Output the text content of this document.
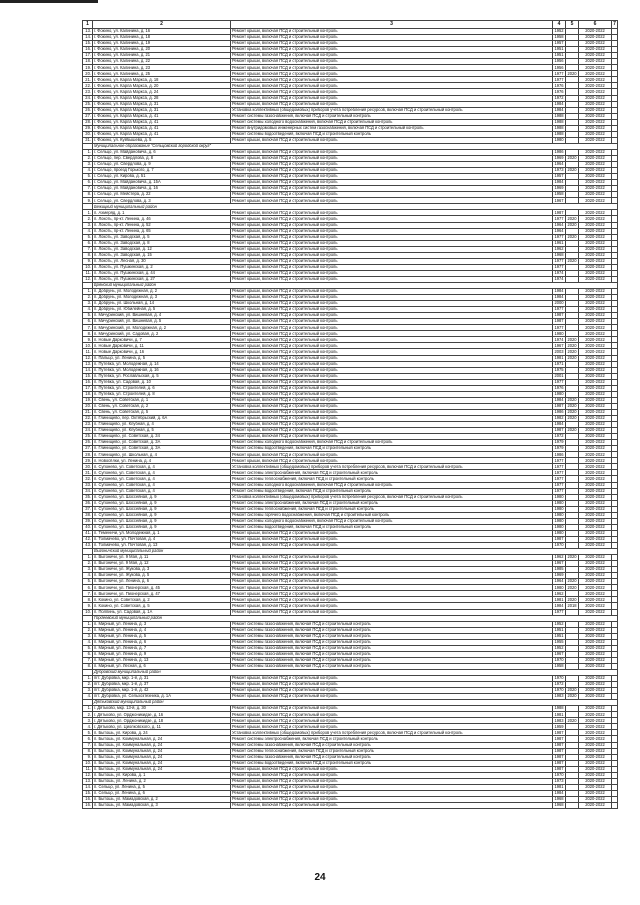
1	2	3	4	5	6	7
13.	г. Фокино, ул. Калинина, д. 16	Ремонт крыши, включая ПСД и строительный контроль	1952		2020-2022	
14.	г. Фокино, ул. Калинина, д. 18	Ремонт крыши, включая ПСД и строительный контроль	1958		2020-2022	
15.	г. Фокино, ул. Калинина, д. 19	Ремонт крыши, включая ПСД и строительный контроль	1957		2020-2022	
16.	г. Фокино, ул. Калинина, д. 20	Ремонт крыши, включая ПСД и строительный контроль	1951		2020-2022	
17.	г. Фокино, ул. Калинина, д. 21	Ремонт крыши, включая ПСД и строительный контроль	1951		2020-2022	
18.	г. Фокино, ул. Калинина, д. 22	Ремонт крыши, включая ПСД и строительный контроль	1956		2020-2022	
19.	г. Фокино, ул. Калинина, д. 23	Ремонт крыши, включая ПСД и строительный контроль	1956		2020-2022	
20.	г. Фокино, ул. Калинина, д. 25	Ремонт крыши, включая ПСД и строительный контроль	1977	2020	2020-2022	
21.	г. Фокино, ул. Карла Маркса, д. 18	Ремонт крыши, включая ПСД и строительный контроль	1977		2020-2022	
22.	г. Фокино, ул. Карла Маркса, д. 20	Ремонт крыши, включая ПСД и строительный контроль	1976		2020-2022	
23.	г. Фокино, ул. Карла Маркса, д. 24	Ремонт крыши, включая ПСД и строительный контроль	1976		2020-2022	
24.	г. Фокино, ул. Карла Маркса, д. 28	Ремонт крыши, включая ПСД и строительный контроль	1972		2020-2022	
25.	г. Фокино, ул. Карла Маркса, д. 31	Ремонт крыши, включая ПСД и строительный контроль	1984		2020-2022	
26.	г. Фокино, ул. Карла Маркса, д. 31	Установка коллективных (общедомовых) приборов учета потребления ресурсов, включая ПСД и строительный контроль	1984		2020-2022	
27.	г. Фокино, ул. Карла Маркса, д. 41	Ремонт системы газоснабжения, включая ПСД и строительный контроль	1988		2020-2022	
28.	г. Фокино, ул. Карла Маркса, д. 41	Ремонт системы холодного водоснабжения, включая ПСД и строительный контроль	1988		2020-2022	
29.	г. Фокино, ул. Карла Маркса, д. 41	Ремонт внутридомовых инженерных систем газоснабжения, включая ПСД и строительный контроль	1988		2020-2022	
30.	г. Фокино, ул. Карла Маркса, д. 41	Ремонт системы водоотведения, включая ПСД и строительный контроль	1988		2020-2022	
31.	г. Фокино, ул. Куйбышева, д. 5	Ремонт крыши, включая ПСД и строительный контроль	1980		2020-2022	
	Муниципальное образование "Сельцовский городской округ"					
1.	г. Сельцо, ул. Майдановича, д. 6	Ремонт крыши, включая ПСД и строительный контроль	1986		2020-2022	
2.	г. Сельцо, пер. Свердлова, д. 8	Ремонт крыши, включая ПСД и строительный контроль	1969	2020	2020-2022	
3.	г. Сельцо, ул. Свердлова, д. 9	Ремонт крыши, включая ПСД и строительный контроль	1964		2020-2022	
4.	г. Сельцо, проезд Горького, д. 7	Ремонт крыши, включая ПСД и строительный контроль	1973	2020	2020-2022	
5.	г. Сельцо, ул. Кирова, д. 51	Ремонт крыши, включая ПСД и строительный контроль	1957		2020-2022	
6.	г. Сельцо, ул. Майдановича, д. 15А	Ремонт крыши, включая ПСД и строительный контроль	1984		2020-2022	
7.	г. Сельцо, ул. Майдановича, д. 16	Ремонт крыши, включая ПСД и строительный контроль	1969		2020-2022	
8.	г. Сельцо, ул. Мейстера, д. 22	Ремонт крыши, включая ПСД и строительный контроль	1958		2020-2022	
9.	г. Сельцо, ул. Свердлова, д. 3	Ремонт крыши, включая ПСД и строительный контроль	1967		2020-2022	
	Бежицкий муниципальный район					
1.	п. Ахмеряд, д. 1	Ремонт крыши, включая ПСД и строительный контроль	1987		2020-2022	
2.	п. Локоть, пр-кт. Ленина, д. 46	Ремонт крыши, включая ПСД и строительный контроль	1977	2020	2020-2022	
3.	п. Локоть, пр-кт. Ленина, д. 52	Ремонт крыши, включая ПСД и строительный контроль	1964	2020	2020-2022	
4.	п. Локоть, пр-кт. Ленина, д. 65	Ремонт крыши, включая ПСД и строительный контроль	1964		2020-2022	
5.	п. Локоть, ул. Заводская, д. 5	Ремонт крыши, включая ПСД и строительный контроль	1977	2020	2020-2022	
6.	п. Локоть, ул. Заводская, д. 8	Ремонт крыши, включая ПСД и строительный контроль	1961		2020-2022	
7.	п. Локоть, ул. Заводская, д. 12	Ремонт крыши, включая ПСД и строительный контроль	1962		2020-2022	
8.	п. Локоть, ул. Заводская, д. 15	Ремонт крыши, включая ПСД и строительный контроль	1968		2020-2022	
9.	п. Локоть, ул. Лесная, д. 30	Ремонт крыши, включая ПСД и строительный контроль	1977	2020	2020-2022	
10.	п. Локоть, ул. Пушкинская, д. 2	Ремонт крыши, включая ПСД и строительный контроль	1977		2020-2022	
11.	п. Локоть, ул. Пушкинская, д. 44	Ремонт крыши, включая ПСД и строительный контроль	1974		2020-2022	
12.	п. Локоть, ул. Пушкинская, д. 27	Ремонт крыши, включая ПСД и строительный контроль	1974		2020-2022	
	Брянский муниципальный район					
1.	п. Добрунь, ул. Молодежная, д. 2	Ремонт крыши, включая ПСД и строительный контроль	1984		2020-2022	
2.	п. Добрунь, ул. Молодежная, д. 3	Ремонт крыши, включая ПСД и строительный контроль	1984		2020-2022	
3.	п. Добрунь, ул. Школьная, д. 14	Ремонт крыши, включая ПСД и строительный контроль	2000		2020-2022	
4.	п. Добрунь, ул. Юбилейная, д. 5	Ремонт крыши, включая ПСД и строительный контроль	1977		2020-2022	
5.	п. Мичуринский, ул. Вишневая, д. 4	Ремонт крыши, включая ПСД и строительный контроль	1987		2020-2022	
6.	п. Мичуринский, ул. Вишневая, д. 5	Ремонт крыши, включая ПСД и строительный контроль	1987		2020-2022	
7.	п. Мичуринский, ул. Молодежная, д. 2	Ремонт крыши, включая ПСД и строительный контроль	1977		2020-2022	
8.	п. Мичуринский, ул. Садовая, д. 2	Ремонт крыши, включая ПСД и строительный контроль	1980		2020-2022	
9.	п. Новые Дарковичи, д. 7	Ремонт крыши, включая ПСД и строительный контроль	1974	2020	2020-2022	
10.	п. Новые Дарковичи, д. 11	Ремонт крыши, включая ПСД и строительный контроль	1967	2020	2020-2022	
11.	п. Новые Дарковичи, д. 16	Ремонт крыши, включая ПСД и строительный контроль	2003	2020	2020-2022	
12.	п. Пальцо, ул. Ленина, д. 5	Ремонт крыши, включая ПСД и строительный контроль	1981	2020	2020-2022	
13.	п. Путевка, ул. Молодежная, д. 14	Ремонт крыши, включая ПСД и строительный контроль	1971		2020-2022	
14.	п. Путевка, ул. Молодежная, д. 16	Ремонт крыши, включая ПСД и строительный контроль	1975		2020-2022	
15.	п. Путевка, ул. Рославльская, д. 5	Ремонт крыши, включая ПСД и строительный контроль	2001		2020-2022	
16.	п. Путевка, ул. Садовая, д. 10	Ремонт крыши, включая ПСД и строительный контроль	1977		2020-2022	
17.	п. Путевка, ул. Строителей, д. 6	Ремонт крыши, включая ПСД и строительный контроль	1976		2020-2022	
18.	п. Путевка, ул. Строителей, д. 8	Ремонт крыши, включая ПСД и строительный контроль	1980		2020-2022	
19.	п. Свень, ул. Советская, д. 1	Ремонт крыши, включая ПСД и строительный контроль	1984	2020	2020-2022	
20.	п. Свень, ул. Советская, д. 2	Ремонт крыши, включая ПСД и строительный контроль	1987	2020	2020-2022	
21.	п. Свень, ул. Советская, д. 5	Ремонт крыши, включая ПСД и строительный контроль	1986	2020	2020-2022	
22.	п. Глинищево, пер. Октябрьский, д. 6А	Ремонт крыши, включая ПСД и строительный контроль	1982	2020	2020-2022	
23.	п. Глинищево, ул. Клубная, д. 4	Ремонт крыши, включая ПСД и строительный контроль	1984		2020-2022	
24.	п. Глинищево, ул. Клубная, д. 5	Ремонт крыши, включая ПСД и строительный контроль	1987	2020	2020-2022	
25.	п. Глинищево, ул. Советская, д. 34	Ремонт крыши, включая ПСД и строительный контроль	1972		2020-2022	
26.	п. Глинищево, ул. Советская, д. 3А	Ремонт системы холодного водоснабжения, включая ПСД и строительный контроль	1979		2020-2022	
27.	п. Глинищево, ул. Советская, д. 3А	Ремонт системы водоотведения, включая ПСД и строительный контроль	1979		2020-2022	
28.	п. Глинищево, ул. Школьная, д. 4	Ремонт крыши, включая ПСД и строительный контроль	1986		2020-2022	
29.	п. Новосёлки, ул. Ленина, д. 4	Ремонт крыши, включая ПСД и строительный контроль	1977		2020-2022	
30.	п. Супонево, ул. Советская, д. 4	Установка коллективных (общедомовых) приборов учета потребления ресурсов, включая ПСД и строительный контроль	1977		2020-2022	
31.	п. Супонево, ул. Советская, д. 4	Ремонт системы электроснабжения, включая ПСД и строительный контроль	1977		2020-2022	
32.	п. Супонево, ул. Советская, д. 4	Ремонт системы теплоснабжения, включая ПСД и строительный контроль	1977		2020-2022	
33.	п. Супонево, ул. Советская, д. 4	Ремонт системы холодного водоснабжения, включая ПСД и строительный контроль	1977		2020-2022	
34.	п. Супонево, ул. Советская, д. 4	Ремонт системы водоотведения, включая ПСД и строительный контроль	1977		2020-2022	
35.	п. Супонево, ул. Шоссейная, д. 9	Установка коллективных (общедомовых) приборов учета потребления ресурсов, включая ПСД и строительный контроль	1980		2020-2022	
36.	п. Супонево, ул. Шоссейная, д. 9	Ремонт системы электроснабжения, включая ПСД и строительный контроль	1980		2020-2022	
37.	п. Супонево, ул. Шоссейная, д. 9	Ремонт системы теплоснабжения, включая ПСД и строительный контроль	1980		2020-2022	
38.	п. Супонево, ул. Шоссейная, д. 9	Ремонт системы горячего водоснабжения, включая ПСД и строительный контроль	1980		2020-2022	
39.	п. Супонево, ул. Шоссейная, д. 9	Ремонт системы холодного водоснабжения, включая ПСД и строительный контроль	1980		2020-2022	
40.	п. Супонево, ул. Шоссейная, д. 9	Ремонт системы водоотведения, включая ПСД и строительный контроль	1980		2020-2022	
41.	п. Теменичи, ул. Молодежная, д. 1	Ремонт крыши, включая ПСД и строительный контроль	1980		2020-2022	
42.	п. Толмачево, ул. Почтовая, д. 4	Ремонт крыши, включая ПСД и строительный контроль	1987		2020-2022	
43.	п. Толмачево, ул. Почтовая, д. 13	Ремонт крыши, включая ПСД и строительный контроль	1970		2020-2022	
	Выгоничский муниципальный район					
1.	п. Выгоничи, ул. 9 Мая, д. 11	Ремонт крыши, включая ПСД и строительный контроль	1962	2020	2020-2022	
2.	п. Выгоничи, ул. 9 Мая, д. 12	Ремонт крыши, включая ПСД и строительный контроль	1967		2020-2022	
3.	п. Выгоничи, ул. Жукова, д. 3	Ремонт крыши, включая ПСД и строительный контроль	1985		2020-2022	
4.	п. Выгоничи, ул. Жукова, д. 5	Ремонт крыши, включая ПСД и строительный контроль	1969		2020-2022	
5.	п. Выгоничи, ул. Ленина, д. 6	Ремонт крыши, включая ПСД и строительный контроль	1964	2020	2020-2022	
6.	п. Выгоничи, ул. Пионерская, д. 45	Ремонт крыши, включая ПСД и строительный контроль	1980	2020	2020-2022	
7.	п. Выгоничи, ул. Пионерская, д. 47	Ремонт крыши, включая ПСД и строительный контроль	1962		2020-2022	
8.	п. Кокино, ул. Советская, д. 2	Ремонт крыши, включая ПСД и строительный контроль	1981	2020	2020-2022	
9.	п. Кокино, ул. Советская, д. 5	Ремонт крыши, включая ПСД и строительный контроль	1984	2018	2020-2022	
10.	п. Полпинь, ул. Садовая, д. 1А	Ремонт крыши, включая ПСД и строительный контроль	1977		2020-2022	
	Гордеевский муниципальный район					
1.	п. Мирный, ул. Ленина, д. 3	Ремонт системы газоснабжения, включая ПСД и строительный контроль	1952		2020-2022	
2.	п. Мирный, ул. Ленина, д. 4	Ремонт системы газоснабжения, включая ПСД и строительный контроль	1951		2020-2022	
3.	п. Мирный, ул. Ленина, д. 5	Ремонт системы газоснабжения, включая ПСД и строительный контроль	1951		2020-2022	
4.	п. Мирный, ул. Ленина, д. 6	Ремонт системы газоснабжения, включая ПСД и строительный контроль	1955		2020-2022	
5.	п. Мирный, ул. Ленина, д. 7	Ремонт системы газоснабжения, включая ПСД и строительный контроль	1952		2020-2022	
6.	п. Мирный, ул. Ленина, д. 9	Ремонт системы газоснабжения, включая ПСД и строительный контроль	1967		2020-2022	
7.	п. Мирный, ул. Ленина, д. 13	Ремонт системы газоснабжения, включая ПСД и строительный контроль	1970		2020-2022	
8.	п. Мирный, ул. Лесная, д. 6	Ремонт системы газоснабжения, включая ПСД и строительный контроль	1958		2020-2022	
	Дубровский муниципальный район					
1.	пгт. Дубровка, мкр. 1-й, д. 31	Ремонт крыши, включая ПСД и строительный контроль	1970		2020-2022	
2.	пгт. Дубровка, мкр. 1-й, д. 37	Ремонт крыши, включая ПСД и строительный контроль	1972		2020-2022	
3.	пгт. Дубровка, мкр. 1-й, д. 42	Ремонт крыши, включая ПСД и строительный контроль	1970	2020	2020-2022	
4.	пгт. Дубровка, ул. Сельхозтехника, д. 1А	Ремонт крыши, включая ПСД и строительный контроль	1983	2020	2020-2022	
	Дятьковский муниципальный район					
1.	г. Дятьково, мкр. 13-й, д. 30	Ремонт крыши, включая ПСД и строительный контроль	1988		2020-2022	
2.	г. Дятьково, ул. Орджоникидзе, д. 16	Ремонт крыши, включая ПСД и строительный контроль	1981		2020-2022	
3.	г. Дятьково, ул. Орджоникидзе, д. 18	Ремонт крыши, включая ПСД и строительный контроль	1983	2020	2020-2022	
4.	г. Дятьково, ул. Циолковского, д. 11	Ремонт крыши, включая ПСД и строительный контроль	1959		2020-2022	
5.	п. Бытошь, ул. Кирова, д. 24	Установка коллективных (общедомовых) приборов учета потребления ресурсов, включая ПСД и строительный контроль	1987		2020-2022	
6.	п. Бытошь, ул. Коммунальная, д. 24	Ремонт системы электроснабжения, включая ПСД и строительный контроль	1987		2020-2022	
7.	п. Бытошь, ул. Коммунальная, д. 24	Ремонт системы газоснабжения, включая ПСД и строительный контроль	1987		2020-2022	
8.	п. Бытошь, ул. Коммунальная, д. 24	Ремонт системы теплоснабжения, включая ПСД и строительный контроль	1987		2020-2022	
9.	п. Бытошь, ул. Коммунальная, д. 24	Ремонт системы газоснабжения, включая ПСД и строительный контроль	1987		2020-2022	
10.	п. Бытошь, ул. Коммунальная, д. 24	Ремонт системы водоотведения, включая ПСД и строительный контроль	1987		2020-2022	
11.	п. Бытошь, ул. Коммунальная, д. 24	Ремонт крыши, включая ПСД и строительный контроль	1987		2020-2022	
12.	п. Бытошь, ул. Кирова, д. 1	Ремонт крыши, включая ПСД и строительный контроль	1970		2020-2022	
13.	п. Бытошь, ул. Ленина, д. 2	Ремонт крыши, включая ПСД и строительный контроль	1973		2020-2022	
14.	п. Сельцо, ул. Ленина, д. 5	Ремонт крыши, включая ПСД и строительный контроль	1981		2020-2022	
15.	п. Сельцо, ул. Ленина, д. 6	Ремонт крыши, включая ПСД и строительный контроль	1984		2020-2022	
16.	п. Бытошь, ул. Мамадовская, д. 2	Ремонт крыши, включая ПСД и строительный контроль	1968		2020-2022	
16.	п. Бытошь, ул. Мамадовская, д. 3	Ремонт крыши, включая ПСД и строительный контроль	1968		2020-2022	
24
